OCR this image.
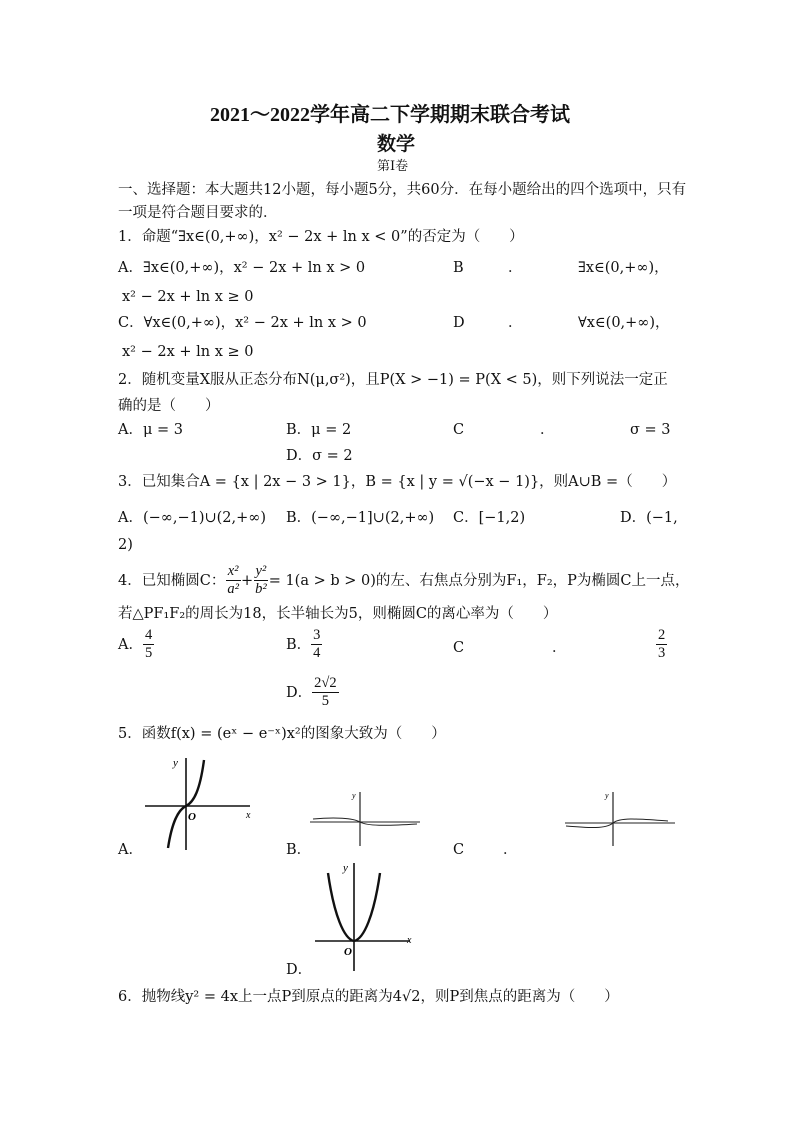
2021～2022学年高二下学期期末联合考试
数学
第Ⅰ卷
一、选择题：本大题共12小题，每小题5分，共60分．在每小题给出的四个选项中，只有
一项是符合题目要求的．
1．命题“∃x∈(0,+∞)，x² − 2x + ln x < 0”的否定为（　　）
A．∃x∈(0,+∞)，x² − 2x + ln x > 0	B	．	∃x∈(0,+∞)，
x² − 2x + ln x ≥ 0
C．∀x∈(0,+∞)，x² − 2x + ln x > 0	D	．	∀x∈(0,+∞)，
x² − 2x + ln x ≥ 0
2．随机变量X服从正态分布N(μ,σ²)，且P(X > −1) = P(X < 5)，则下列说法一定正
确的是（　　）
A．μ = 3	B．μ = 2	C	．	σ = 3
D．σ = 2
3．已知集合A = {x | 2x − 3 > 1}，B = {x | y = √(−x − 1)}，则A∪B =（　　）
A．(−∞,−1)∪(2,+∞) B．(−∞,−1]∪(2,+∞) C．[−1,2)	D．(−1,
2)
4．已知椭圆C： $\frac{\text{x²}}{\text{a²}} + \frac{\text{y²}}{\text{b²}} = 1(a > b > 0)$的左、右焦点分别为F₁，F₂，P为椭圆C上一点，
若△PF₁F₂的周长为18，长半轴长为5，则椭圆C的离心率为（　　）
A． $\frac{4}{5}$	B． $\frac{3}{4}$	C	．	$\frac{2}{3}$
D． $\frac{2√2}{5}$
5．函数f(x) = (eˣ − e⁻ˣ)x²的图象大致为（　　）
y
x
O
A．
y
B．
y
C	．
y
x
O
D．
6．抛物线y² = 4x上一点P到原点的距离为4√2，则P到焦点的距离为（　　）
